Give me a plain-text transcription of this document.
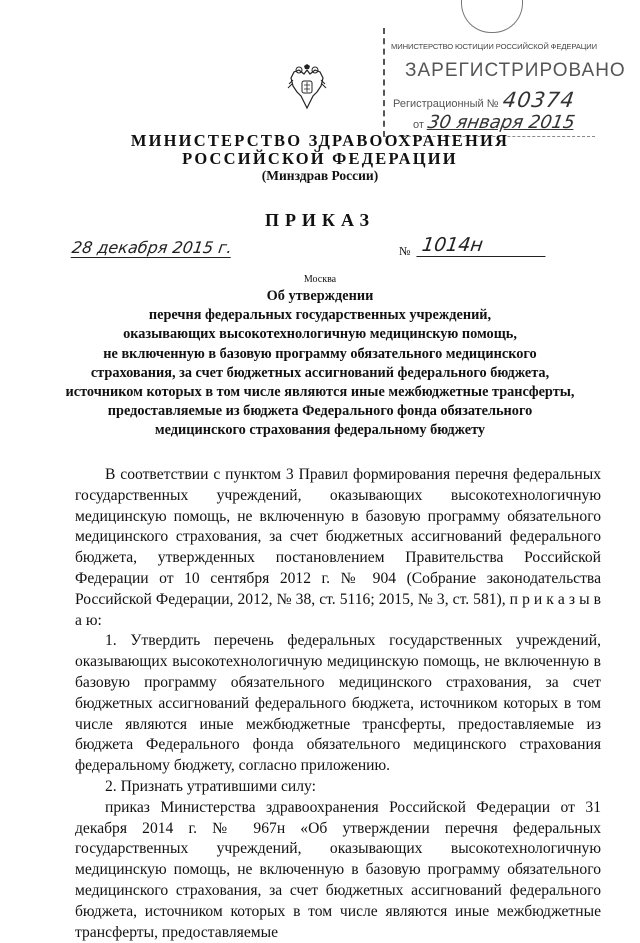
МИНИСТЕРСТВО ЮСТИЦИИ РОССИЙСКОЙ ФЕДЕРАЦИИ
ЗАРЕГИСТРИРОВАНО
Регистрационный № 40374
от 30 января 2015
МИНИСТЕРСТВО ЗДРАВООХРАНЕНИЯ
РОССИЙСКОЙ ФЕДЕРАЦИИ
(Минздрав России)
ПРИКАЗ
28 декабря 2015 г.	№ 1014н
Москва
Об утверждении
перечня федеральных государственных учреждений,
оказывающих высокотехнологичную медицинскую помощь,
не включенную в базовую программу обязательного медицинского
страхования, за счет бюджетных ассигнований федерального бюджета,
источником которых в том числе являются иные межбюджетные трансферты,
предоставляемые из бюджета Федерального фонда обязательного
медицинского страхования федеральному бюджету

В соответствии с пунктом 3 Правил формирования перечня федеральных государственных учреждений, оказывающих высокотехнологичную медицинскую помощь, не включенную в базовую программу обязательного медицинского страхования, за счет бюджетных ассигнований федерального бюджета, утвержденных постановлением Правительства Российской Федерации от 10 сентября 2012 г. № 904 (Собрание законодательства Российской Федерации, 2012, № 38, ст. 5116; 2015, № 3, ст. 581), п р и к а з ы в а ю:

1. Утвердить перечень федеральных государственных учреждений, оказывающих высокотехнологичную медицинскую помощь, не включенную в базовую программу обязательного медицинского страхования, за счет бюджетных ассигнований федерального бюджета, источником которых в том числе являются иные межбюджетные трансферты, предоставляемые из бюджета Федерального фонда обязательного медицинского страхования федеральному бюджету, согласно приложению.

2. Признать утратившими силу:

приказ Министерства здравоохранения Российской Федерации от 31 декабря 2014 г. № 967н «Об утверждении перечня федеральных государственных учреждений, оказывающих высокотехнологичную медицинскую помощь, не включенную в базовую программу обязательного медицинского страхования, за счет бюджетных ассигнований федерального бюджета, источником которых в том числе являются иные межбюджетные трансферты, предоставляемые
